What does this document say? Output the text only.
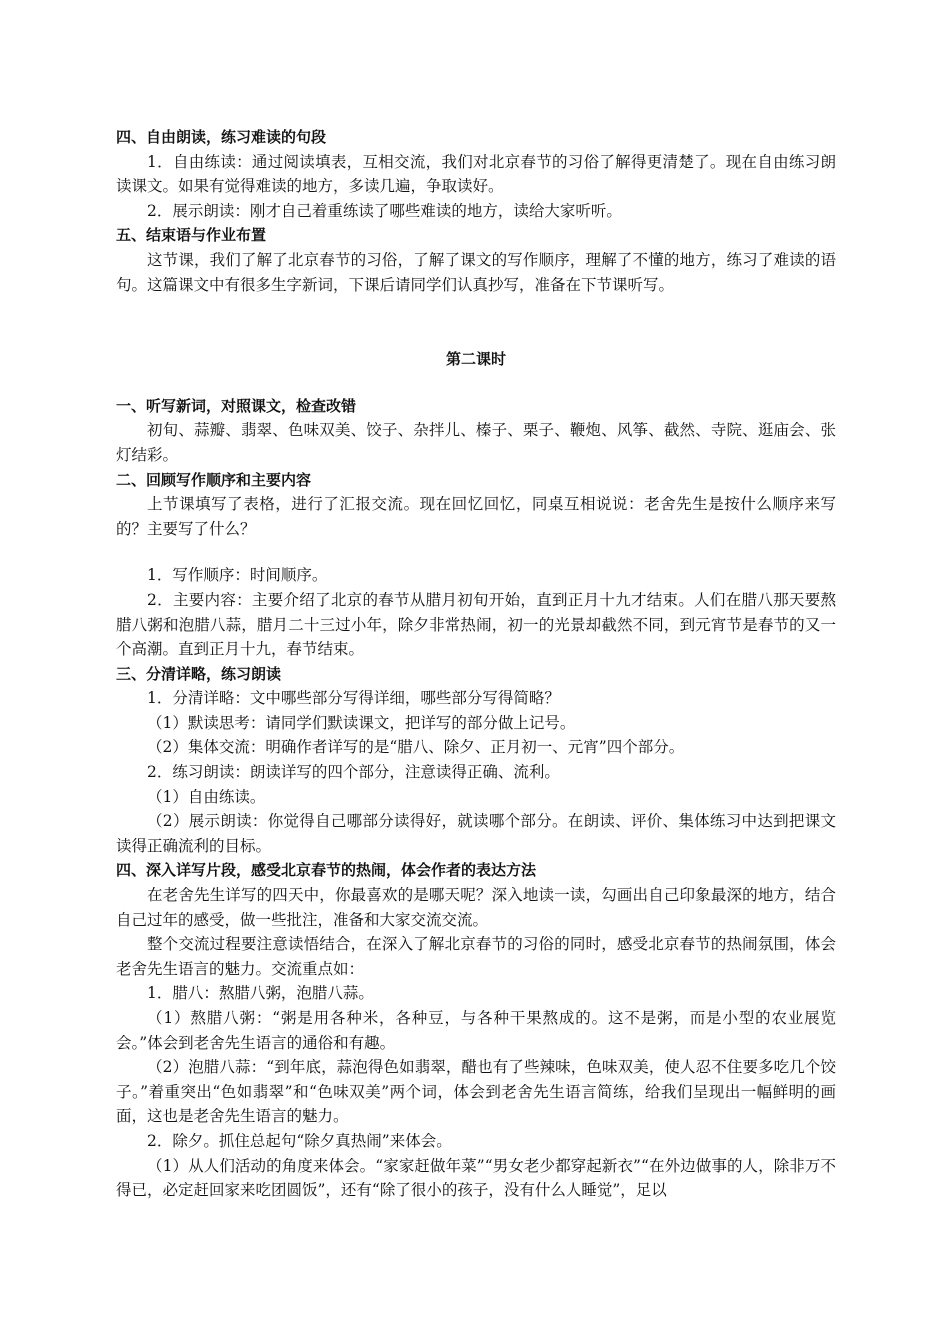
四、自由朗读，练习难读的句段
1．自由练读：通过阅读填表，互相交流，我们对北京春节的习俗了解得更清楚了。现在自由练习朗读课文。如果有觉得难读的地方，多读几遍，争取读好。
2．展示朗读：刚才自己着重练读了哪些难读的地方，读给大家听听。
五、结束语与作业布置
这节课，我们了解了北京春节的习俗，了解了课文的写作顺序，理解了不懂的地方，练习了难读的语句。这篇课文中有很多生字新词，下课后请同学们认真抄写，准备在下节课听写。
第二课时
一、听写新词，对照课文，检查改错
初旬、蒜瓣、翡翠、色味双美、饺子、杂拌儿、榛子、栗子、鞭炮、风筝、截然、寺院、逛庙会、张灯结彩。
二、回顾写作顺序和主要内容
上节课填写了表格，进行了汇报交流。现在回忆回忆，同桌互相说说：老舍先生是按什么顺序来写的？主要写了什么？
1．写作顺序：时间顺序。
2．主要内容：主要介绍了北京的春节从腊月初旬开始，直到正月十九才结束。人们在腊八那天要熬腊八粥和泡腊八蒜，腊月二十三过小年，除夕非常热闹，初一的光景却截然不同，到元宵节是春节的又一个高潮。直到正月十九，春节结束。
三、分清详略，练习朗读
1．分清详略：文中哪些部分写得详细，哪些部分写得简略？
（1）默读思考：请同学们默读课文，把详写的部分做上记号。
（2）集体交流：明确作者详写的是“腊八、除夕、正月初一、元宵”四个部分。
2．练习朗读：朗读详写的四个部分，注意读得正确、流利。
（1）自由练读。
（2）展示朗读：你觉得自己哪部分读得好，就读哪个部分。在朗读、评价、集体练习中达到把课文读得正确流利的目标。
四、深入详写片段，感受北京春节的热闹，体会作者的表达方法
在老舍先生详写的四天中，你最喜欢的是哪天呢？深入地读一读，勾画出自己印象最深的地方，结合自己过年的感受，做一些批注，准备和大家交流交流。
整个交流过程要注意读悟结合，在深入了解北京春节的习俗的同时，感受北京春节的热闹氛围，体会老舍先生语言的魅力。交流重点如：
1．腊八：熬腊八粥，泡腊八蒜。
（1）熬腊八粥：“粥是用各种米，各种豆，与各种干果熬成的。这不是粥，而是小型的农业展览会。”体会到老舍先生语言的通俗和有趣。
（2）泡腊八蒜：“到年底，蒜泡得色如翡翠，醋也有了些辣味，色味双美，使人忍不住要多吃几个饺子。”着重突出“色如翡翠”和“色味双美”两个词，体会到老舍先生语言简练，给我们呈现出一幅鲜明的画面，这也是老舍先生语言的魅力。
2．除夕。抓住总起句“除夕真热闹”来体会。
（1）从人们活动的角度来体会。“家家赶做年菜”“男女老少都穿起新衣”“在外边做事的人，除非万不得已，必定赶回家来吃团圆饭”，还有“除了很小的孩子，没有什么人睡觉”，足以
